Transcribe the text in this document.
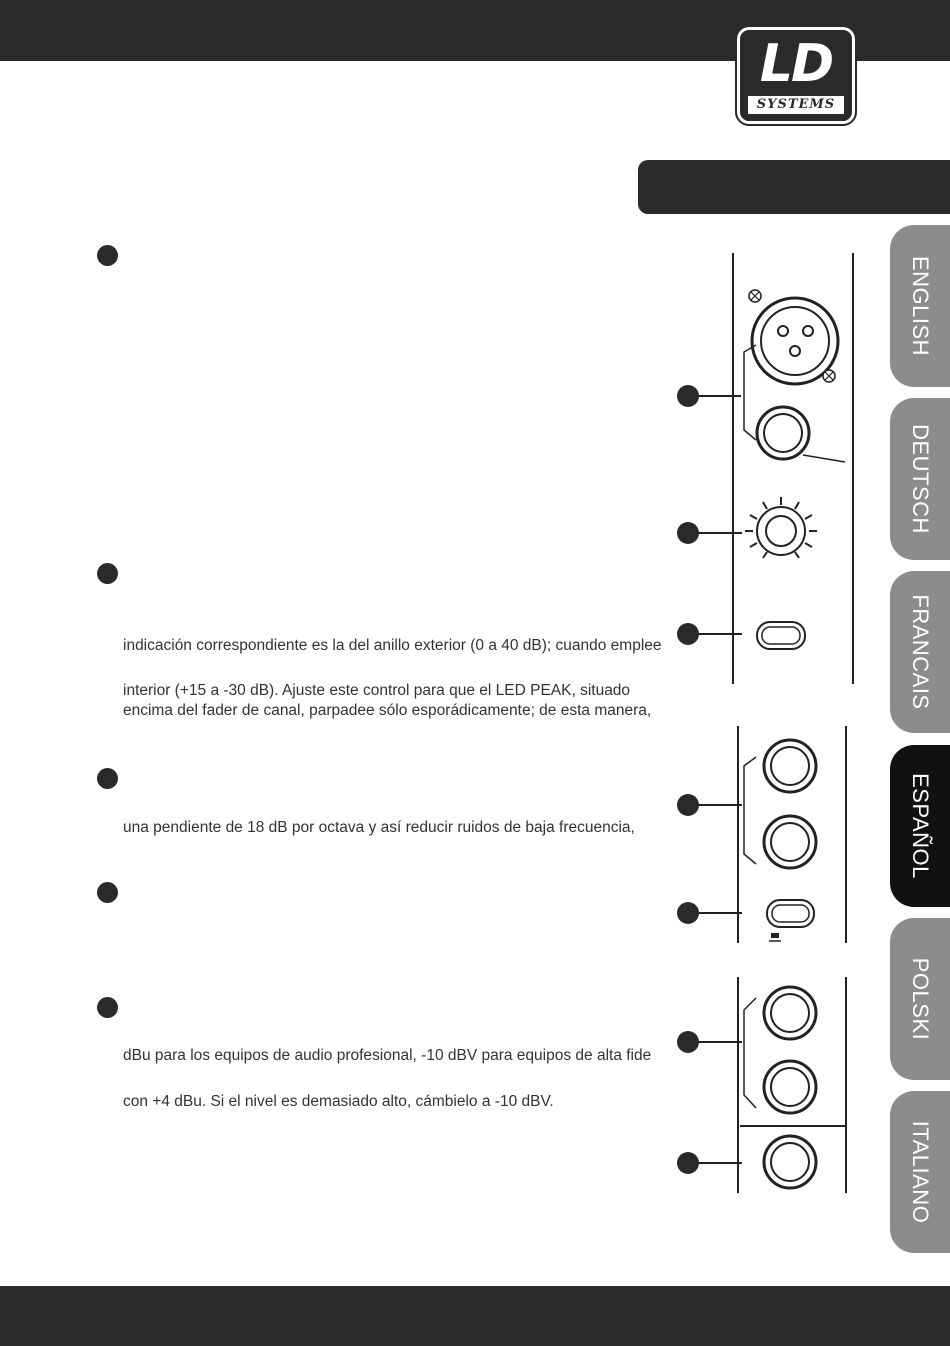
LD
SYSTEMS
ENGLISH
DEUTSCH
FRANCAIS
ESPAÑOL
POLSKI
ITALIANO
indicación correspondiente es la del anillo exterior (0 a 40 dB); cuando emplee
interior (+15 a -30 dB). Ajuste este control para que el LED PEAK, situado
encima del fader de canal, parpadee sólo esporádicamente; de esta manera,
una pendiente de 18 dB por octava y así reducir ruidos de baja frecuencia,
dBu para los equipos de audio profesional, -10 dBV para equipos de alta fide
con +4 dBu. Si el nivel es demasiado alto, cámbielo a -10 dBV.
